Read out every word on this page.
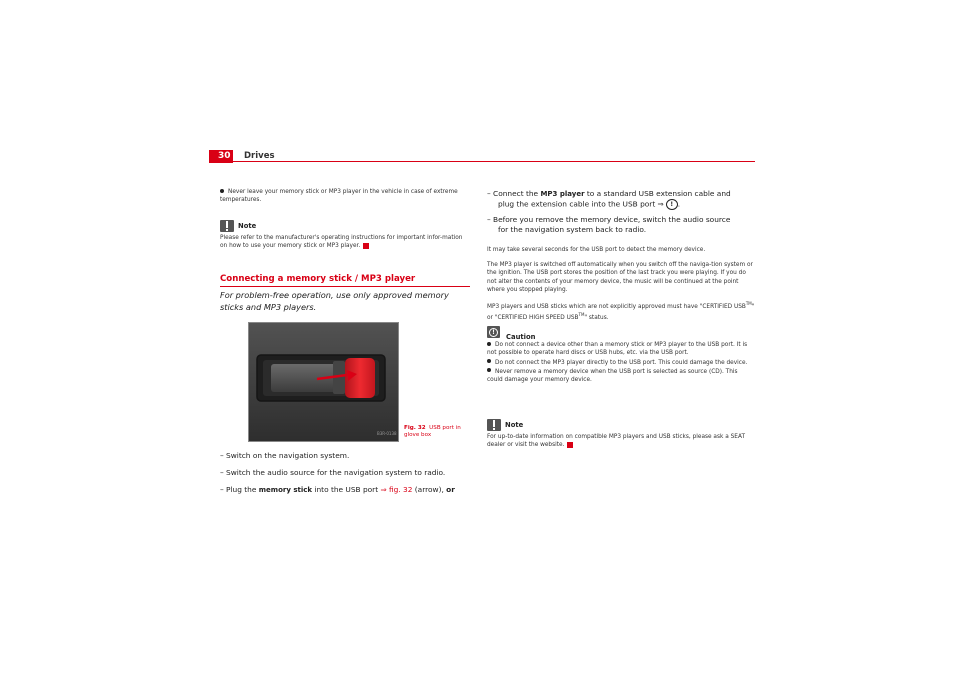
30 Drives
Never leave your memory stick or MP3 player in the vehicle in case of extreme temperatures.
Note
Please refer to the manufacturer's operating instructions for important infor-mation on how to use your memory stick or MP3 player.
Connecting a memory stick / MP3 player
For problem-free operation, use only approved memory sticks and MP3 players.
B3R-0138
Fig. 32 USB port in glove box
– Switch on the navigation system.
– Switch the audio source for the navigation system to radio.
– Plug the memory stick into the USB port ⇒ fig. 32 (arrow), or
– Connect the MP3 player to a standard USB extension cable and
plug the extension cable into the USB port ⇒ ! .
– Before you remove the memory device, switch the audio source
for the navigation system back to radio.
It may take several seconds for the USB port to detect the memory device.
The MP3 player is switched off automatically when you switch off the naviga-tion system or the ignition. The USB port stores the position of the last track you were playing. If you do not alter the contents of your memory device, the music will be continued at the point where you stopped playing.
MP3 players and USB sticks which are not explicitly approved must have "CERTIFIED USB™" or "CERTIFIED HIGH SPEED USB™" status.
!
Caution
Do not connect a device other than a memory stick or MP3 player to the USB port. It is not possible to operate hard discs or USB hubs, etc. via the USB port.
Do not connect the MP3 player directly to the USB port. This could damage the device.
Never remove a memory device when the USB port is selected as source (CD). This could damage your memory device.
Note
For up-to-date information on compatible MP3 players and USB sticks, please ask a SEAT dealer or visit the website.
